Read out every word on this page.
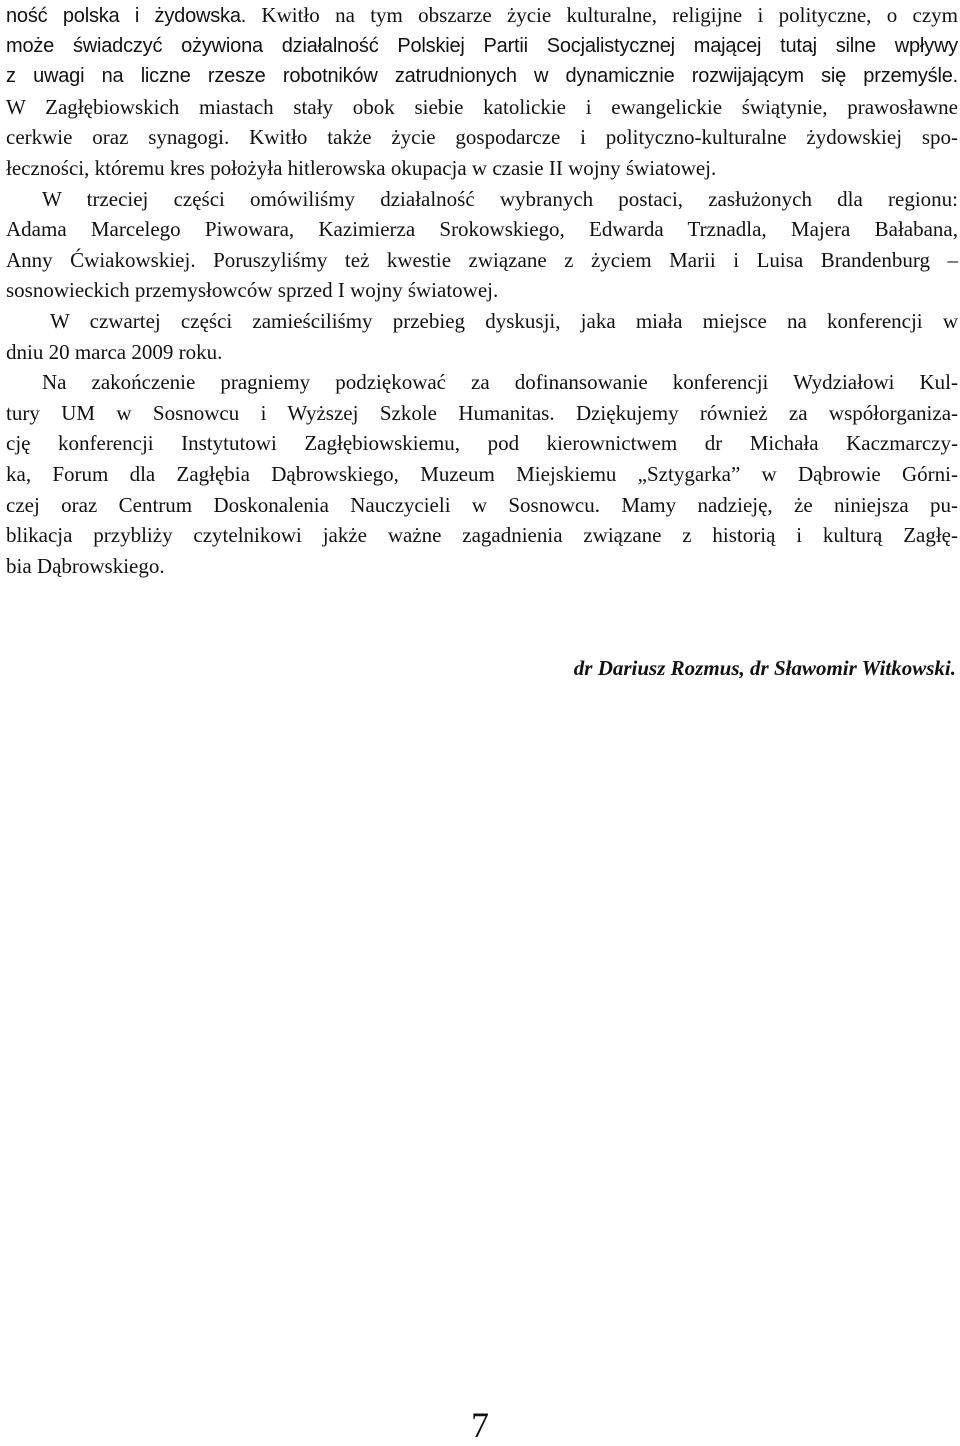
ność polska i żydowska. Kwitło na tym obszarze życie kulturalne, religijne i polityczne, o czym
może świadczyć ożywiona działalność Polskiej Partii Socjalistycznej mającej tutaj silne wpływy
z uwagi na liczne rzesze robotników zatrudnionych w dynamicznie rozwijającym się przemyśle.
W Zagłębiowskich miastach stały obok siebie katolickie i ewangelickie świątynie, prawosławne
cerkwie oraz synagogi. Kwitło także życie gospodarcze i polityczno-kulturalne żydowskiej spo-
łeczności, któremu kres położyła hitlerowska okupacja w czasie II wojny światowej.
W trzeciej części omówiliśmy działalność wybranych postaci, zasłużonych dla regionu:
Adama Marcelego Piwowara, Kazimierza Srokowskiego, Edwarda Trznadla, Majera Bałabana,
Anny Ćwiakowskiej. Poruszyliśmy też kwestie związane z życiem Marii i Luisa Brandenburg –
sosnowieckich przemysłowców sprzed I wojny światowej.
W czwartej części zamieściliśmy przebieg dyskusji, jaka miała miejsce na konferencji w
dniu 20 marca 2009 roku.
Na zakończenie pragniemy podziękować za dofinansowanie konferencji Wydziałowi Kul-
tury UM w Sosnowcu i Wyższej Szkole Humanitas. Dziękujemy również za współorganiza-
cję konferencji Instytutowi Zagłębiowskiemu, pod kierownictwem dr Michała Kaczmarczy-
ka, Forum dla Zagłębia Dąbrowskiego, Muzeum Miejskiemu „Sztygarka” w Dąbrowie Górni-
czej oraz Centrum Doskonalenia Nauczycieli w Sosnowcu. Mamy nadzieję, że niniejsza pu-
blikacja przybliży czytelnikowi jakże ważne zagadnienia związane z historią i kulturą Zagłę-
bia Dąbrowskiego.
dr Dariusz Rozmus, dr Sławomir Witkowski.
7
